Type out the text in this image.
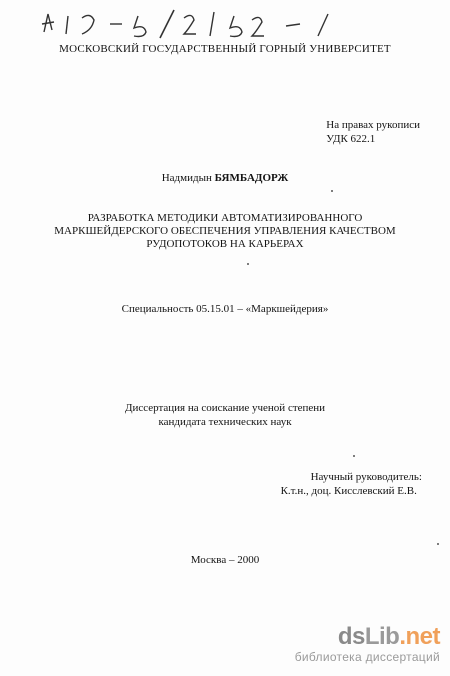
МОСКОВСКИЙ ГОСУДАРСТВЕННЫЙ ГОРНЫЙ УНИВЕРСИТЕТ
На правах рукописи
УДК 622.1
Надмидын БЯМБАДОРЖ
РАЗРАБОТКА МЕТОДИКИ АВТОМАТИЗИРОВАННОГО
МАРКШЕЙДЕРСКОГО ОБЕСПЕЧЕНИЯ УПРАВЛЕНИЯ КАЧЕСТВОМ
РУДОПОТОКОВ НА КАРЬЕРАХ
Специальность 05.15.01 – «Маркшейдерия»
Диссертация на соискание ученой степени
кандидата технических наук
Научный руководитель:
К.т.н., доц. Кисслевский Е.В.
Москва – 2000
dsLib.net
библиотека диссертаций
